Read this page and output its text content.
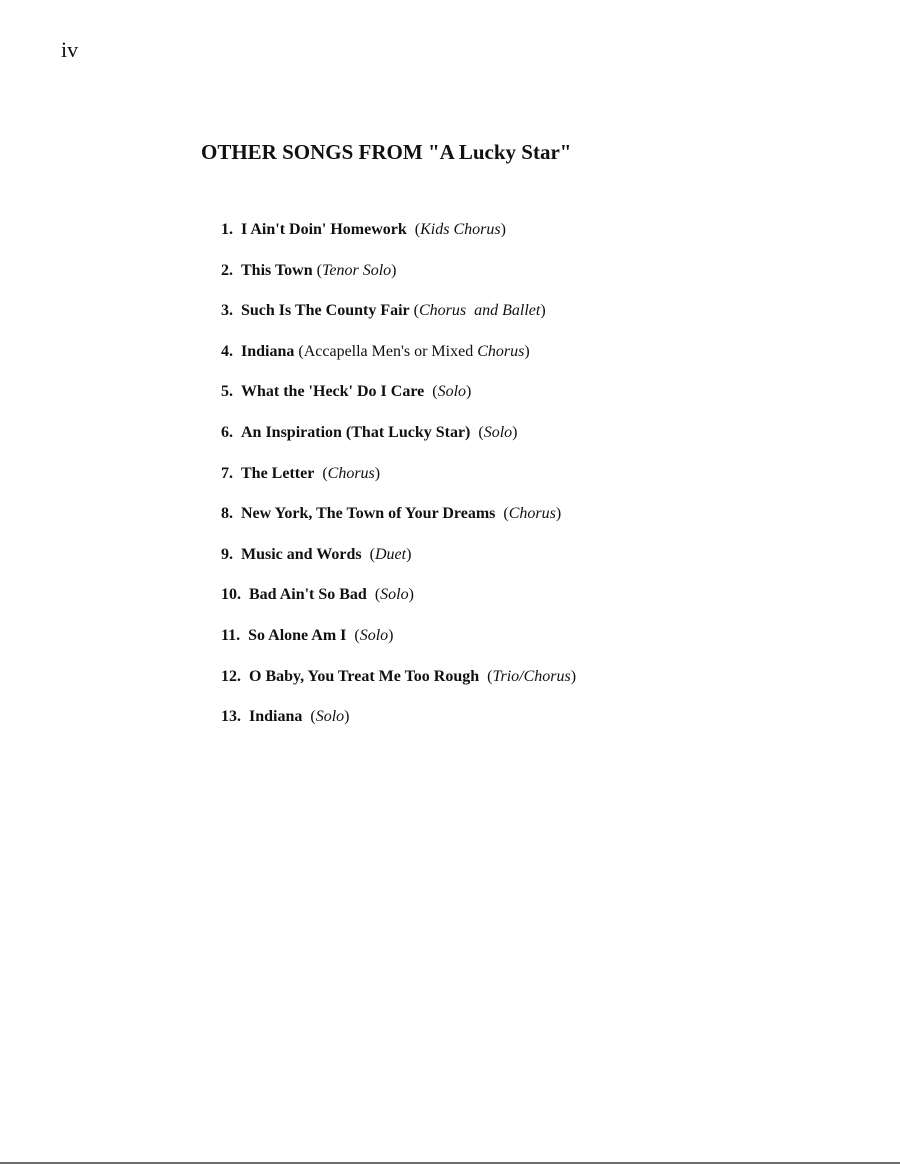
iv
OTHER SONGS FROM "A Lucky Star"
1. I Ain't Doin' Homework (Kids Chorus)
2. This Town (Tenor Solo)
3. Such Is The County Fair (Chorus  and Ballet)
4. Indiana (Accapella Men's or Mixed Chorus)
5. What the 'Heck' Do I Care (Solo)
6. An Inspiration (That Lucky Star) (Solo)
7. The Letter (Chorus)
8. New York, The Town of Your Dreams (Chorus)
9. Music and Words (Duet)
10. Bad Ain't So Bad (Solo)
11. So Alone Am I (Solo)
12. O Baby, You Treat Me Too Rough (Trio/Chorus)
13. Indiana (Solo)
